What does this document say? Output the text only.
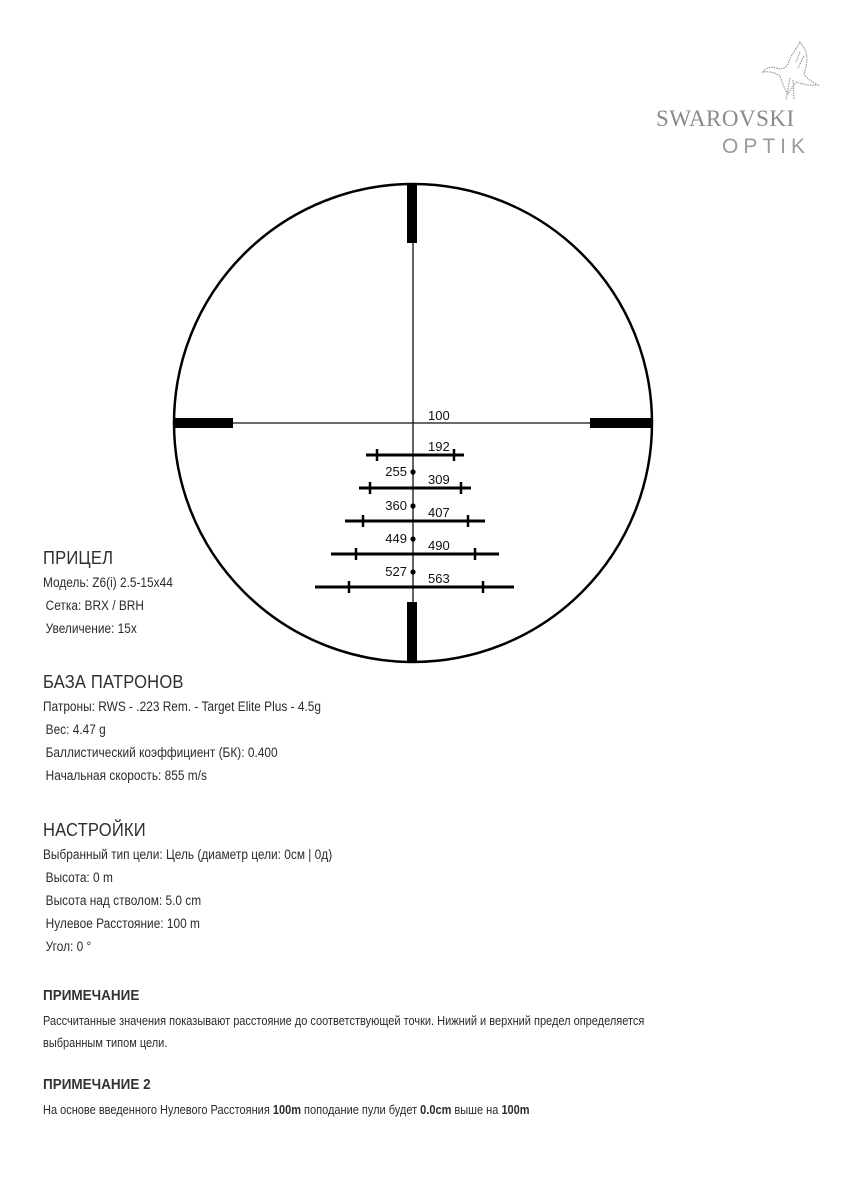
SWAROVSKI
OPTIK
100
192
255
309
360 407
449 490
527 563
ПРИЦЕЛ
Модель: Z6(i) 2.5-15x44
Сетка: BRX / BRH
Увеличение: 15x
БАЗА ПАТРОНОВ
Патроны: RWS - .223 Rem. - Target Elite Plus - 4.5g
Вес: 4.47 g
Баллистический коэффициент (БК): 0.400
Начальная скорость: 855 m/s
НАСТРОЙКИ
Выбранный тип цели: Цель (диаметр цели: 0см | 0д)
Высота: 0 m
Высота над стволом: 5.0 cm
Нулевое Расстояние: 100 m
Угол: 0 °
ПРИМЕЧАНИЕ
Рассчитанные значения показывают расстояние до соответствующей точки. Нижний и верхний предел определяется
выбранным типом цели.
ПРИМЕЧАНИЕ 2
На основе введенного Нулевого Расстояния 100m пoподание пули будет 0.0cm выше на 100m
